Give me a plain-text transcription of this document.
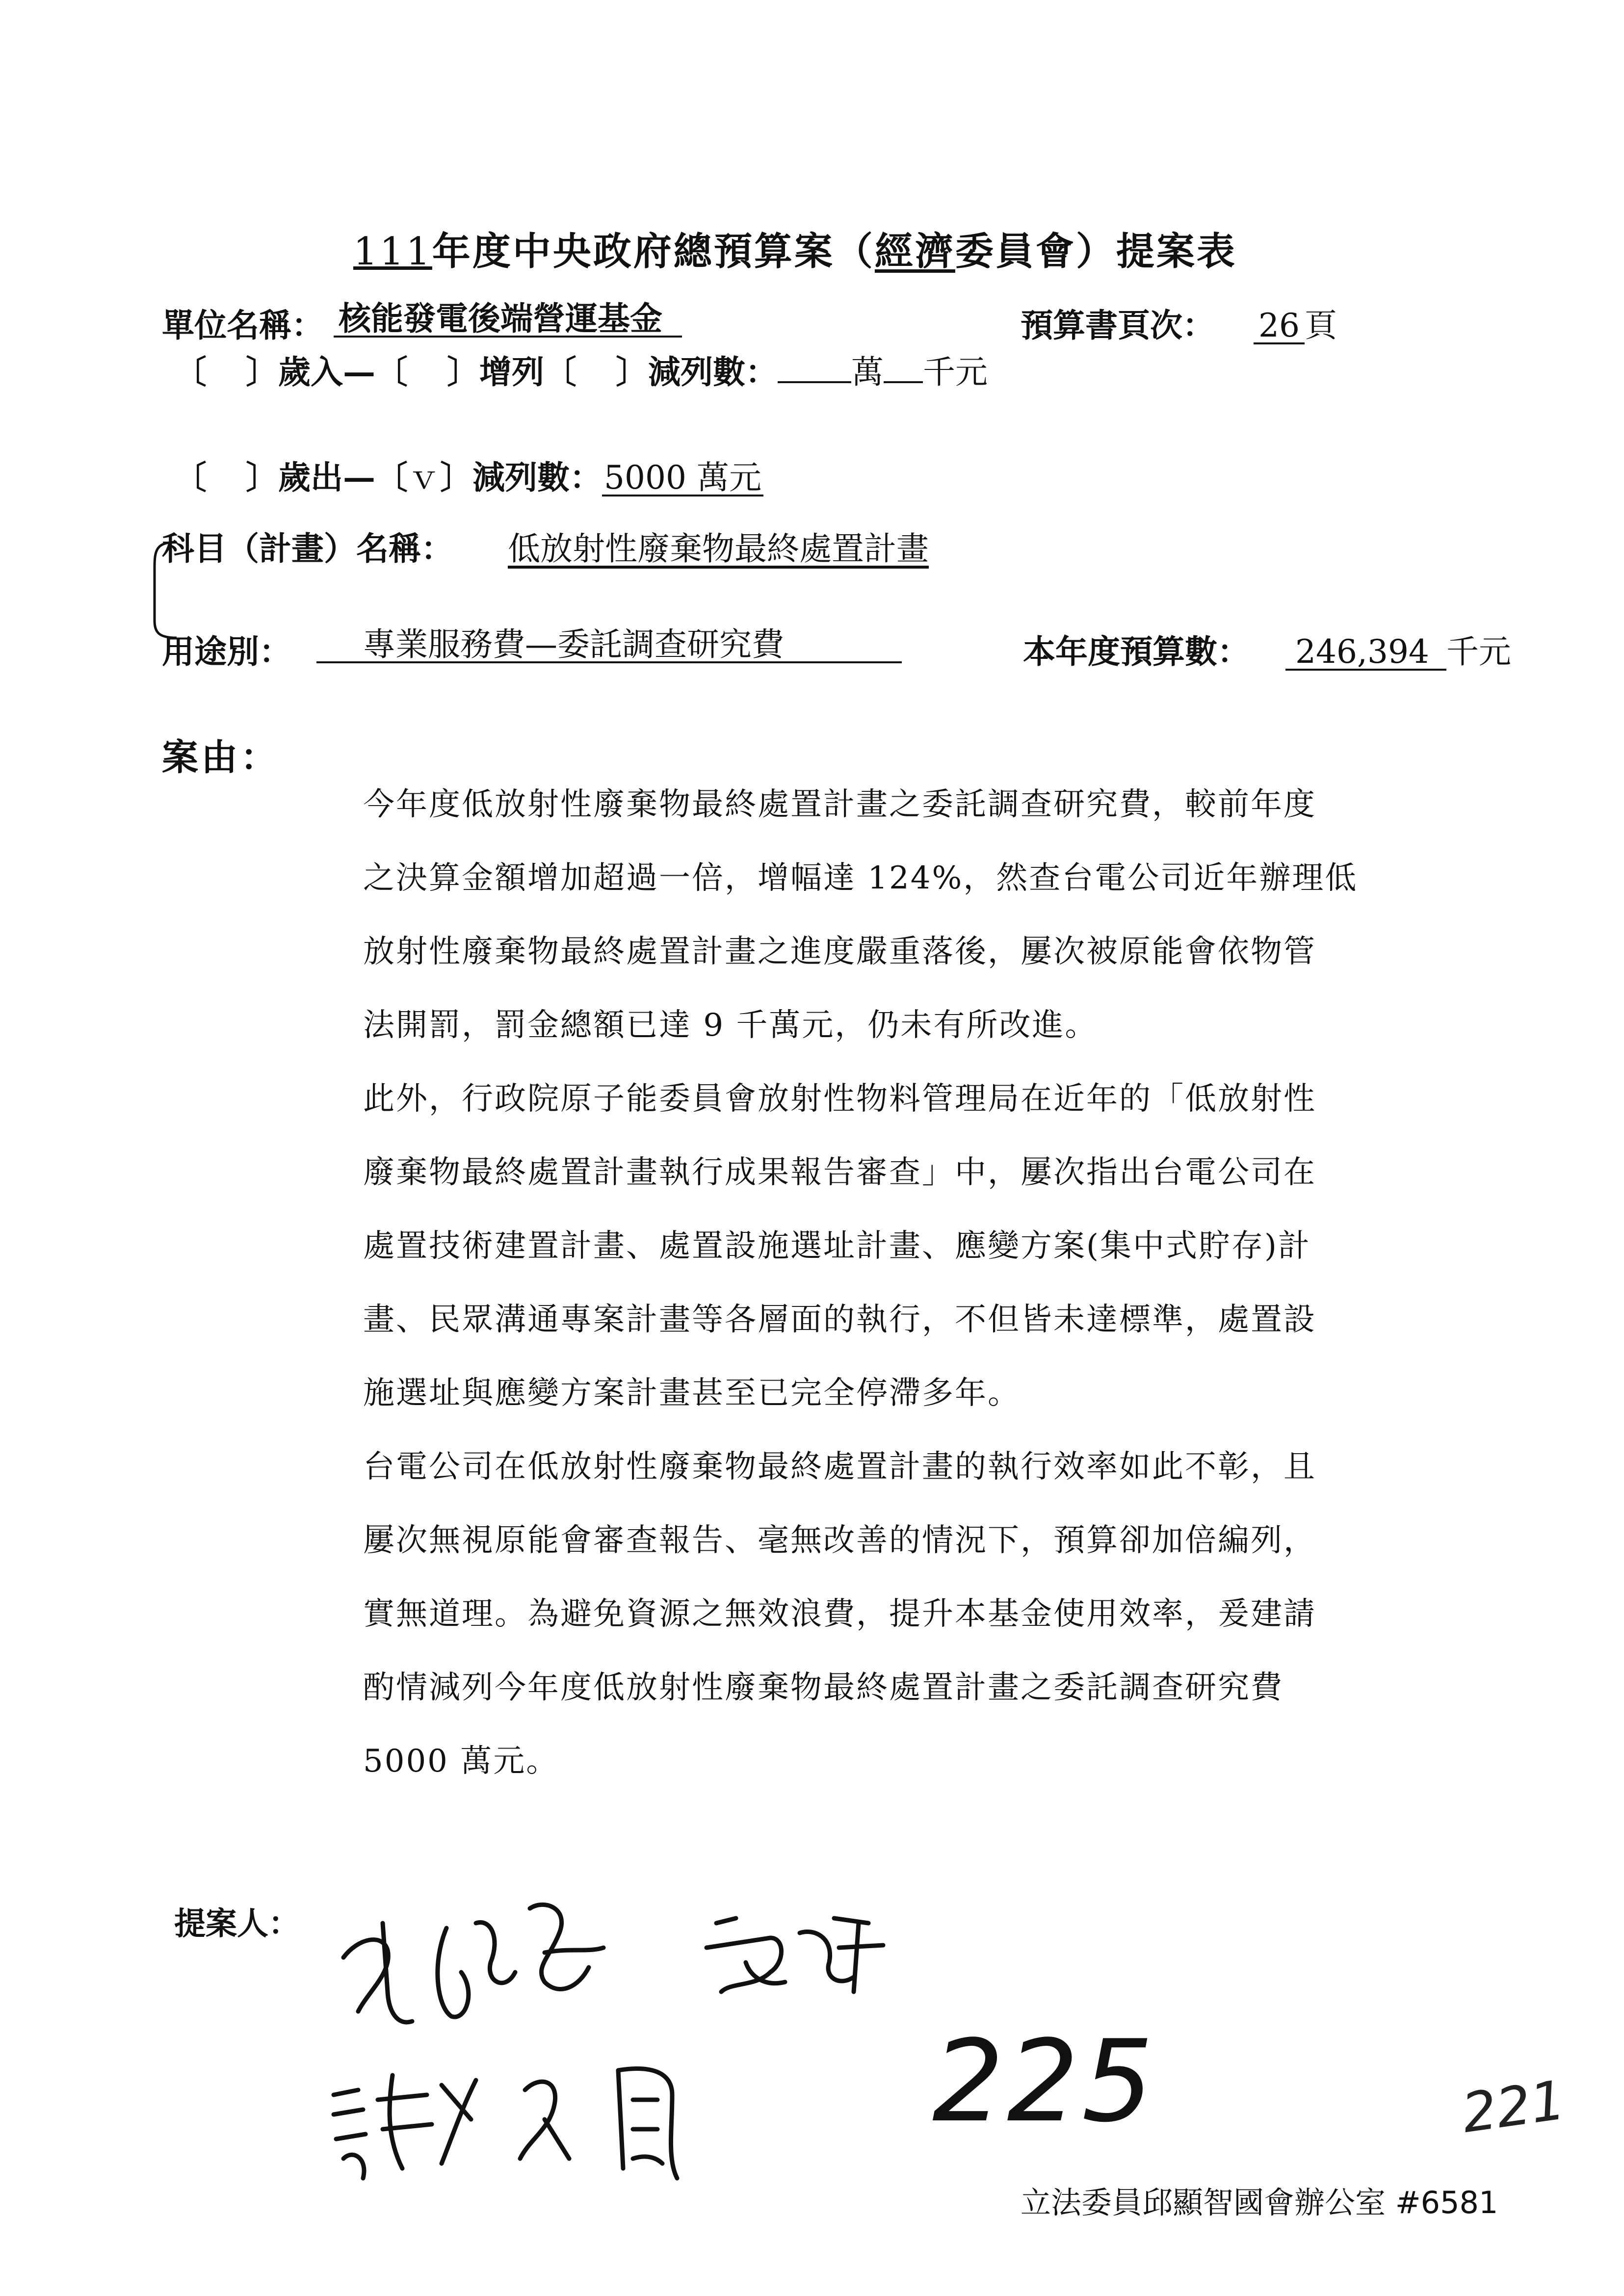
111年度中央政府總預算案（經濟委員會）提案表
單位名稱： 核能發電後端營運基金	預算書頁次： 26 頁
〔 〕歲入—〔 〕增列〔 〕減列數： 萬 千元
〔 〕歲出—〔ｖ〕減列數：5000 萬元
科目（計畫）名稱： 低放射性廢棄物最終處置計畫
用途別：	專業服務費—委託調查研究費	本年度預算數：	246,394 千元
案由：
今年度低放射性廢棄物最終處置計畫之委託調查研究費，較前年度
之決算金額增加超過一倍，增幅達 124%，然查台電公司近年辦理低
放射性廢棄物最終處置計畫之進度嚴重落後，屢次被原能會依物管
法開罰，罰金總額已達 9 千萬元，仍未有所改進。
此外，行政院原子能委員會放射性物料管理局在近年的「低放射性
廢棄物最終處置計畫執行成果報告審查」中，屢次指出台電公司在
處置技術建置計畫、處置設施選址計畫、應變方案(集中式貯存)計
畫、民眾溝通專案計畫等各層面的執行，不但皆未達標準，處置設
施選址與應變方案計畫甚至已完全停滯多年。
台電公司在低放射性廢棄物最終處置計畫的執行效率如此不彰，且
屢次無視原能會審查報告、毫無改善的情況下，預算卻加倍編列，
實無道理。為避免資源之無效浪費，提升本基金使用效率，爰建請
酌情減列今年度低放射性廢棄物最終處置計畫之委託調查研究費
5000 萬元。
提案人：
225	221
立法委員邱顯智國會辦公室 #6581
